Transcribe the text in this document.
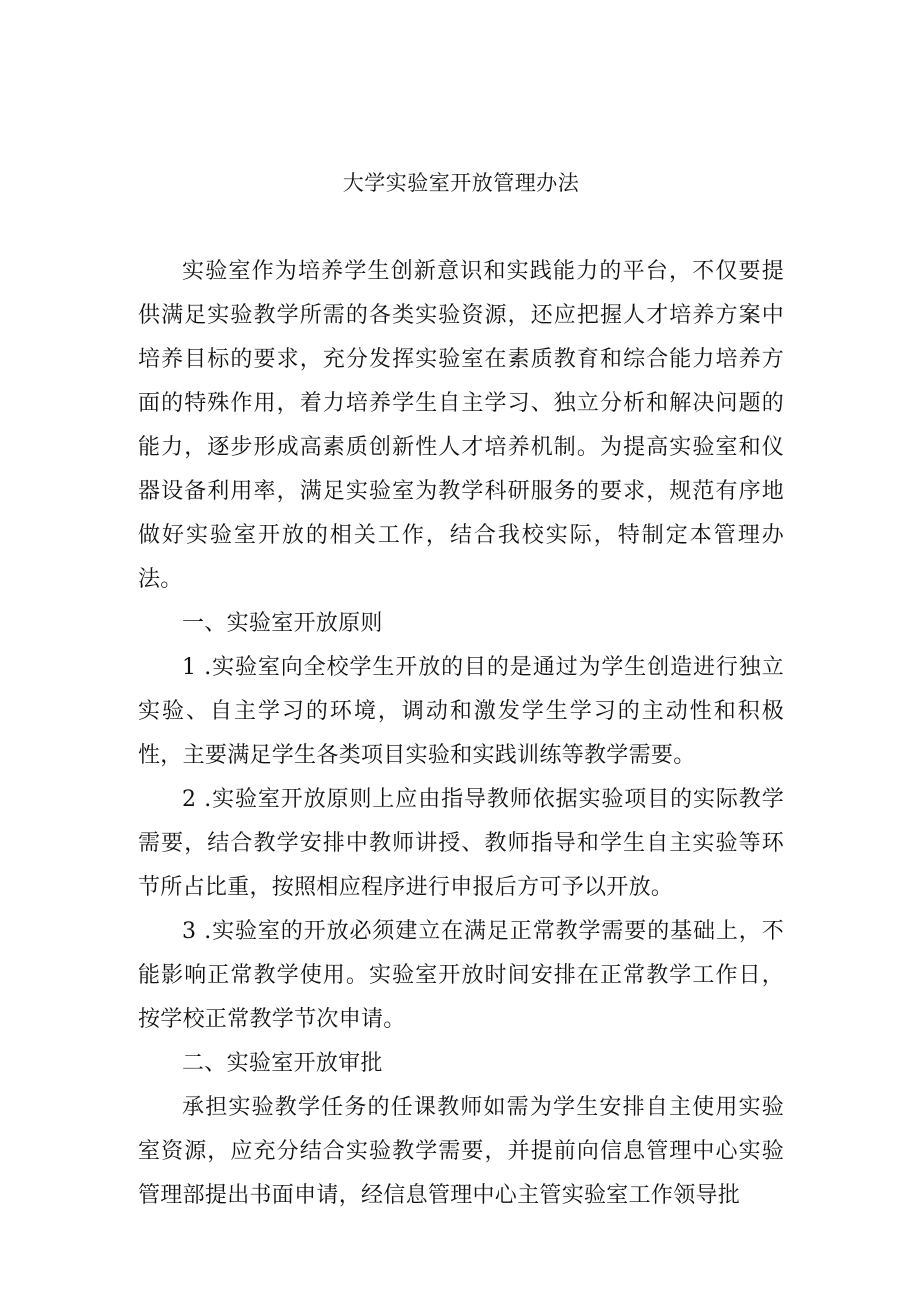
大学实验室开放管理办法

实验室作为培养学生创新意识和实践能力的平台，不仅要提供满足实验教学所需的各类实验资源，还应把握人才培养方案中培养目标的要求，充分发挥实验室在素质教育和综合能力培养方面的特殊作用，着力培养学生自主学习、独立分析和解决问题的能力，逐步形成高素质创新性人才培养机制。为提高实验室和仪器设备利用率，满足实验室为教学科研服务的要求，规范有序地做好实验室开放的相关工作，结合我校实际，特制定本管理办法。

一、实验室开放原则

1 .实验室向全校学生开放的目的是通过为学生创造进行独立实验、自主学习的环境，调动和激发学生学习的主动性和积极性，主要满足学生各类项目实验和实践训练等教学需要。

2 .实验室开放原则上应由指导教师依据实验项目的实际教学需要，结合教学安排中教师讲授、教师指导和学生自主实验等环节所占比重，按照相应程序进行申报后方可予以开放。

3 .实验室的开放必须建立在满足正常教学需要的基础上，不能影响正常教学使用。实验室开放时间安排在正常教学工作日，按学校正常教学节次申请。

二、实验室开放审批

承担实验教学任务的任课教师如需为学生安排自主使用实验室资源，应充分结合实验教学需要，并提前向信息管理中心实验管理部提出书面申请，经信息管理中心主管实验室工作领导批
